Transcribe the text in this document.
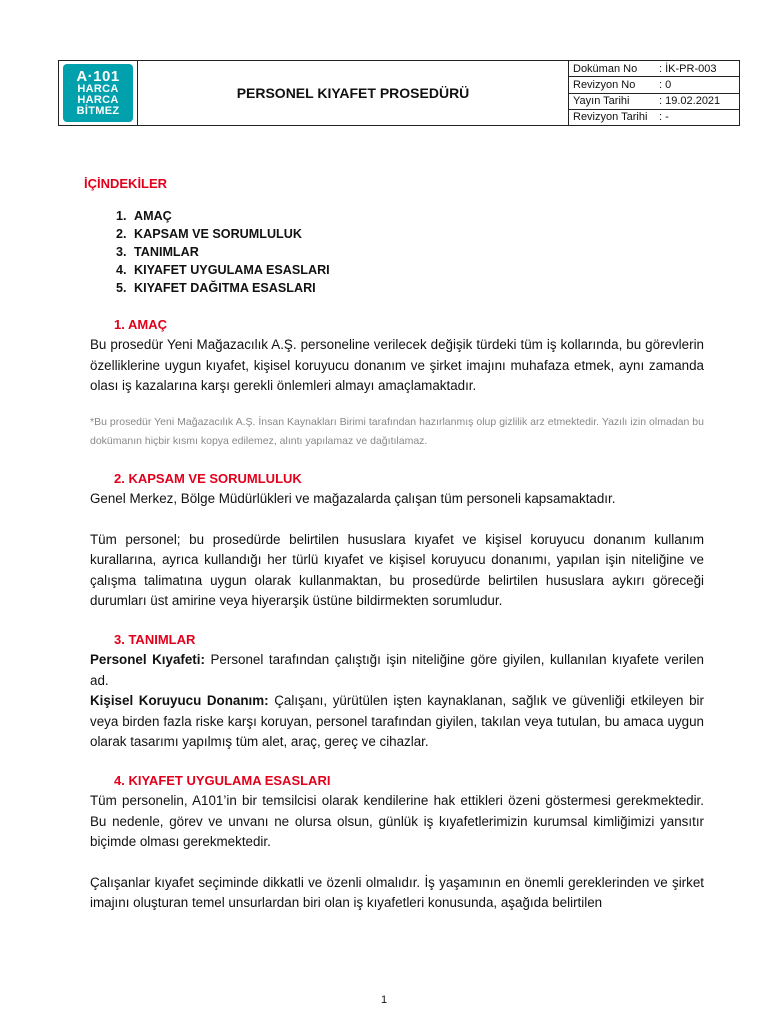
A·101
HARCA
HARCA
BİTMEZ
PERSONEL KIYAFET PROSEDÜRÜ
Doküman No	: İK-PR-003
Revizyon No	: 0
Yayın Tarihi	: 19.02.2021
Revizyon Tarihi	: -
İÇİNDEKİLER
1. AMAÇ
2. KAPSAM VE SORUMLULUK
3. TANIMLAR
4. KIYAFET UYGULAMA ESASLARI
5. KIYAFET DAĞITMA ESASLARI
1. AMAÇ

Bu prosedür Yeni Mağazacılık A.Ş. personeline verilecek değişik türdeki tüm iş kollarında, bu görevlerin özelliklerine uygun kıyafet, kişisel koruyucu donanım ve şirket imajını muhafaza etmek, aynı zamanda olası iş kazalarına karşı gerekli önlemleri almayı amaçlamaktadır.

*Bu prosedür Yeni Mağazacılık A.Ş. İnsan Kaynakları Birimi tarafından hazırlanmış olup gizlilik arz etmektedir. Yazılı izin olmadan bu dokümanın hiçbir kısmı kopya edilemez, alıntı yapılamaz ve dağıtılamaz.

2. KAPSAM VE SORUMLULUK

Genel Merkez, Bölge Müdürlükleri ve mağazalarda çalışan tüm personeli kapsamaktadır.

Tüm personel; bu prosedürde belirtilen hususlara kıyafet ve kişisel koruyucu donanım kullanım kurallarına, ayrıca kullandığı her türlü kıyafet ve kişisel koruyucu donanımı, yapılan işin niteliğine ve çalışma talimatına uygun olarak kullanmaktan, bu prosedürde belirtilen hususlara aykırı göreceği durumları üst amirine veya hiyerarşik üstüne bildirmekten sorumludur.

3. TANIMLAR

Personel Kıyafeti: Personel tarafından çalıştığı işin niteliğine göre giyilen, kullanılan kıyafete verilen ad.

Kişisel Koruyucu Donanım: Çalışanı, yürütülen işten kaynaklanan, sağlık ve güvenliği etkileyen bir veya birden fazla riske karşı koruyan, personel tarafından giyilen, takılan veya tutulan, bu amaca uygun olarak tasarımı yapılmış tüm alet, araç, gereç ve cihazlar.

4. KIYAFET UYGULAMA ESASLARI

Tüm personelin, A101’in bir temsilcisi olarak kendilerine hak ettikleri özeni göstermesi gerekmektedir. Bu nedenle, görev ve unvanı ne olursa olsun, günlük iş kıyafetlerimizin kurumsal kimliğimizi yansıtır biçimde olması gerekmektedir.

Çalışanlar kıyafet seçiminde dikkatli ve özenli olmalıdır. İş yaşamının en önemli gereklerinden ve şirket imajını oluşturan temel unsurlardan biri olan iş kıyafetleri konusunda, aşağıda belirtilen

1
